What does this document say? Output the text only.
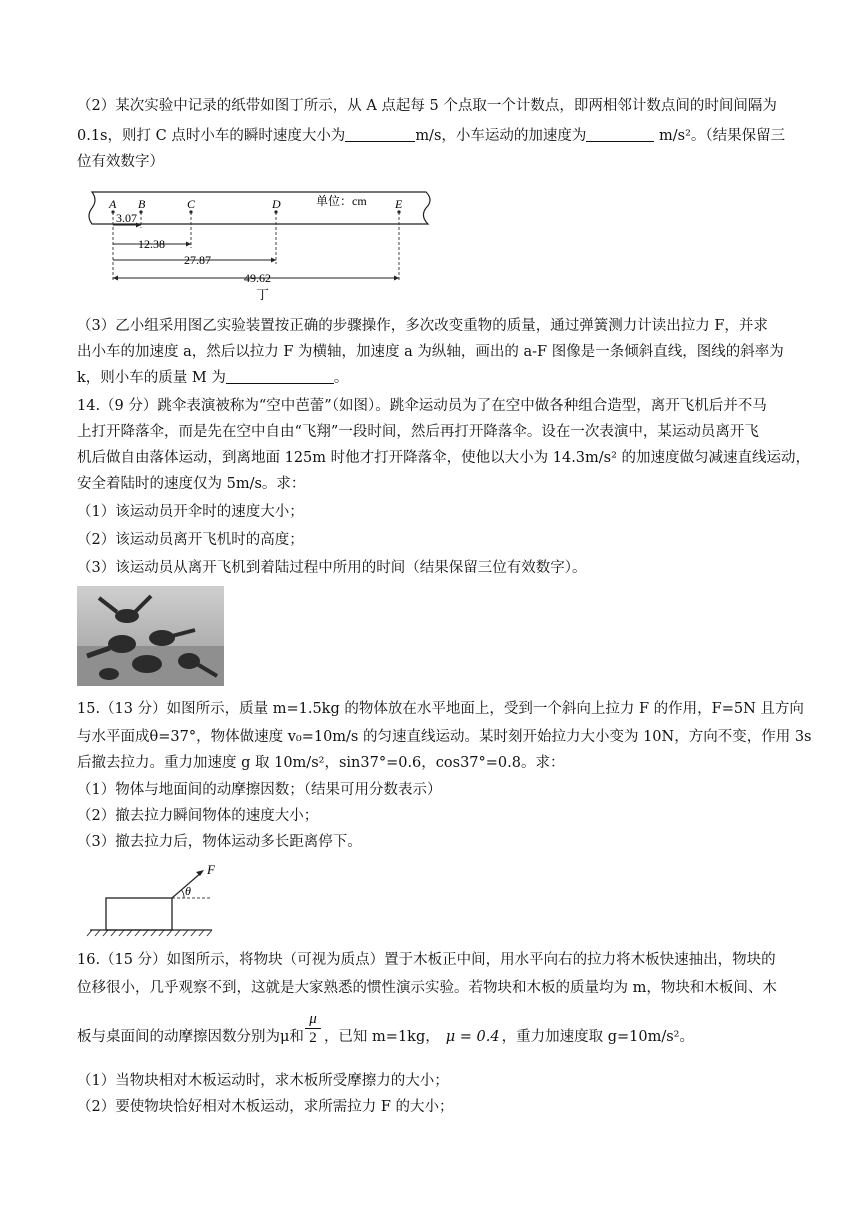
（2）某次实验中记录的纸带如图丁所示，从 A 点起每 5 个点取一个计数点，即两相邻计数点间的时间间隔为
0.1s，则打 C 点时小车的瞬时速度大小为	m/s，小车运动的加速度为	m/s²。（结果保留三
位有效数字）
A B	C	D	E
单位：cm
3.07
12.38
27.87
49.62
丁
（3）乙小组采用图乙实验装置按正确的步骤操作，多次改变重物的质量，通过弹簧测力计读出拉力 F，并求
出小车的加速度 a，然后以拉力 F 为横轴，加速度 a 为纵轴，画出的 a-F 图像是一条倾斜直线，图线的斜率为
k，则小车的质量 M 为	。
14.（9 分）跳伞表演被称为“空中芭蕾”（如图）。跳伞运动员为了在空中做各种组合造型，离开飞机后并不马
上打开降落伞，而是先在空中自由“飞翔”一段时间，然后再打开降落伞。设在一次表演中，某运动员离开飞
机后做自由落体运动，到离地面 125m 时他才打开降落伞，使他以大小为 14.3m/s² 的加速度做匀减速直线运动，
安全着陆时的速度仅为 5m/s。求：
（1）该运动员开伞时的速度大小；
（2）该运动员离开飞机时的高度；
（3）该运动员从离开飞机到着陆过程中所用的时间（结果保留三位有效数字）。
15.（13 分）如图所示，质量 m=1.5kg 的物体放在水平地面上，受到一个斜向上拉力 F 的作用，F=5N 且方向
与水平面成θ=37°，物体做速度 v₀=10m/s 的匀速直线运动。某时刻开始拉力大小变为 10N，方向不变，作用 3s
后撤去拉力。重力加速度 g 取 10m/s²，sin37°=0.6，cos37°=0.8。求：
（1）物体与地面间的动摩擦因数；（结果可用分数表示）
（2）撤去拉力瞬间物体的速度大小；
（3）撤去拉力后，物体运动多长距离停下。
F
θ
16.（15 分）如图所示，将物块（可视为质点）置于木板正中间，用水平向右的拉力将木板快速抽出，物块的
位移很小，几乎观察不到，这就是大家熟悉的惯性演示实验。若物块和木板的质量均为 m，物块和木板间、木
板与桌面间的动摩擦因数分别为μ和 ，已知 m=1kg， μ = 0.4 ，重力加速度取 g=10m/s²。
$\frac{\mu}{2}$
（1）当物块相对木板运动时，求木板所受摩擦力的大小；
（2）要使物块恰好相对木板运动，求所需拉力 F 的大小；
